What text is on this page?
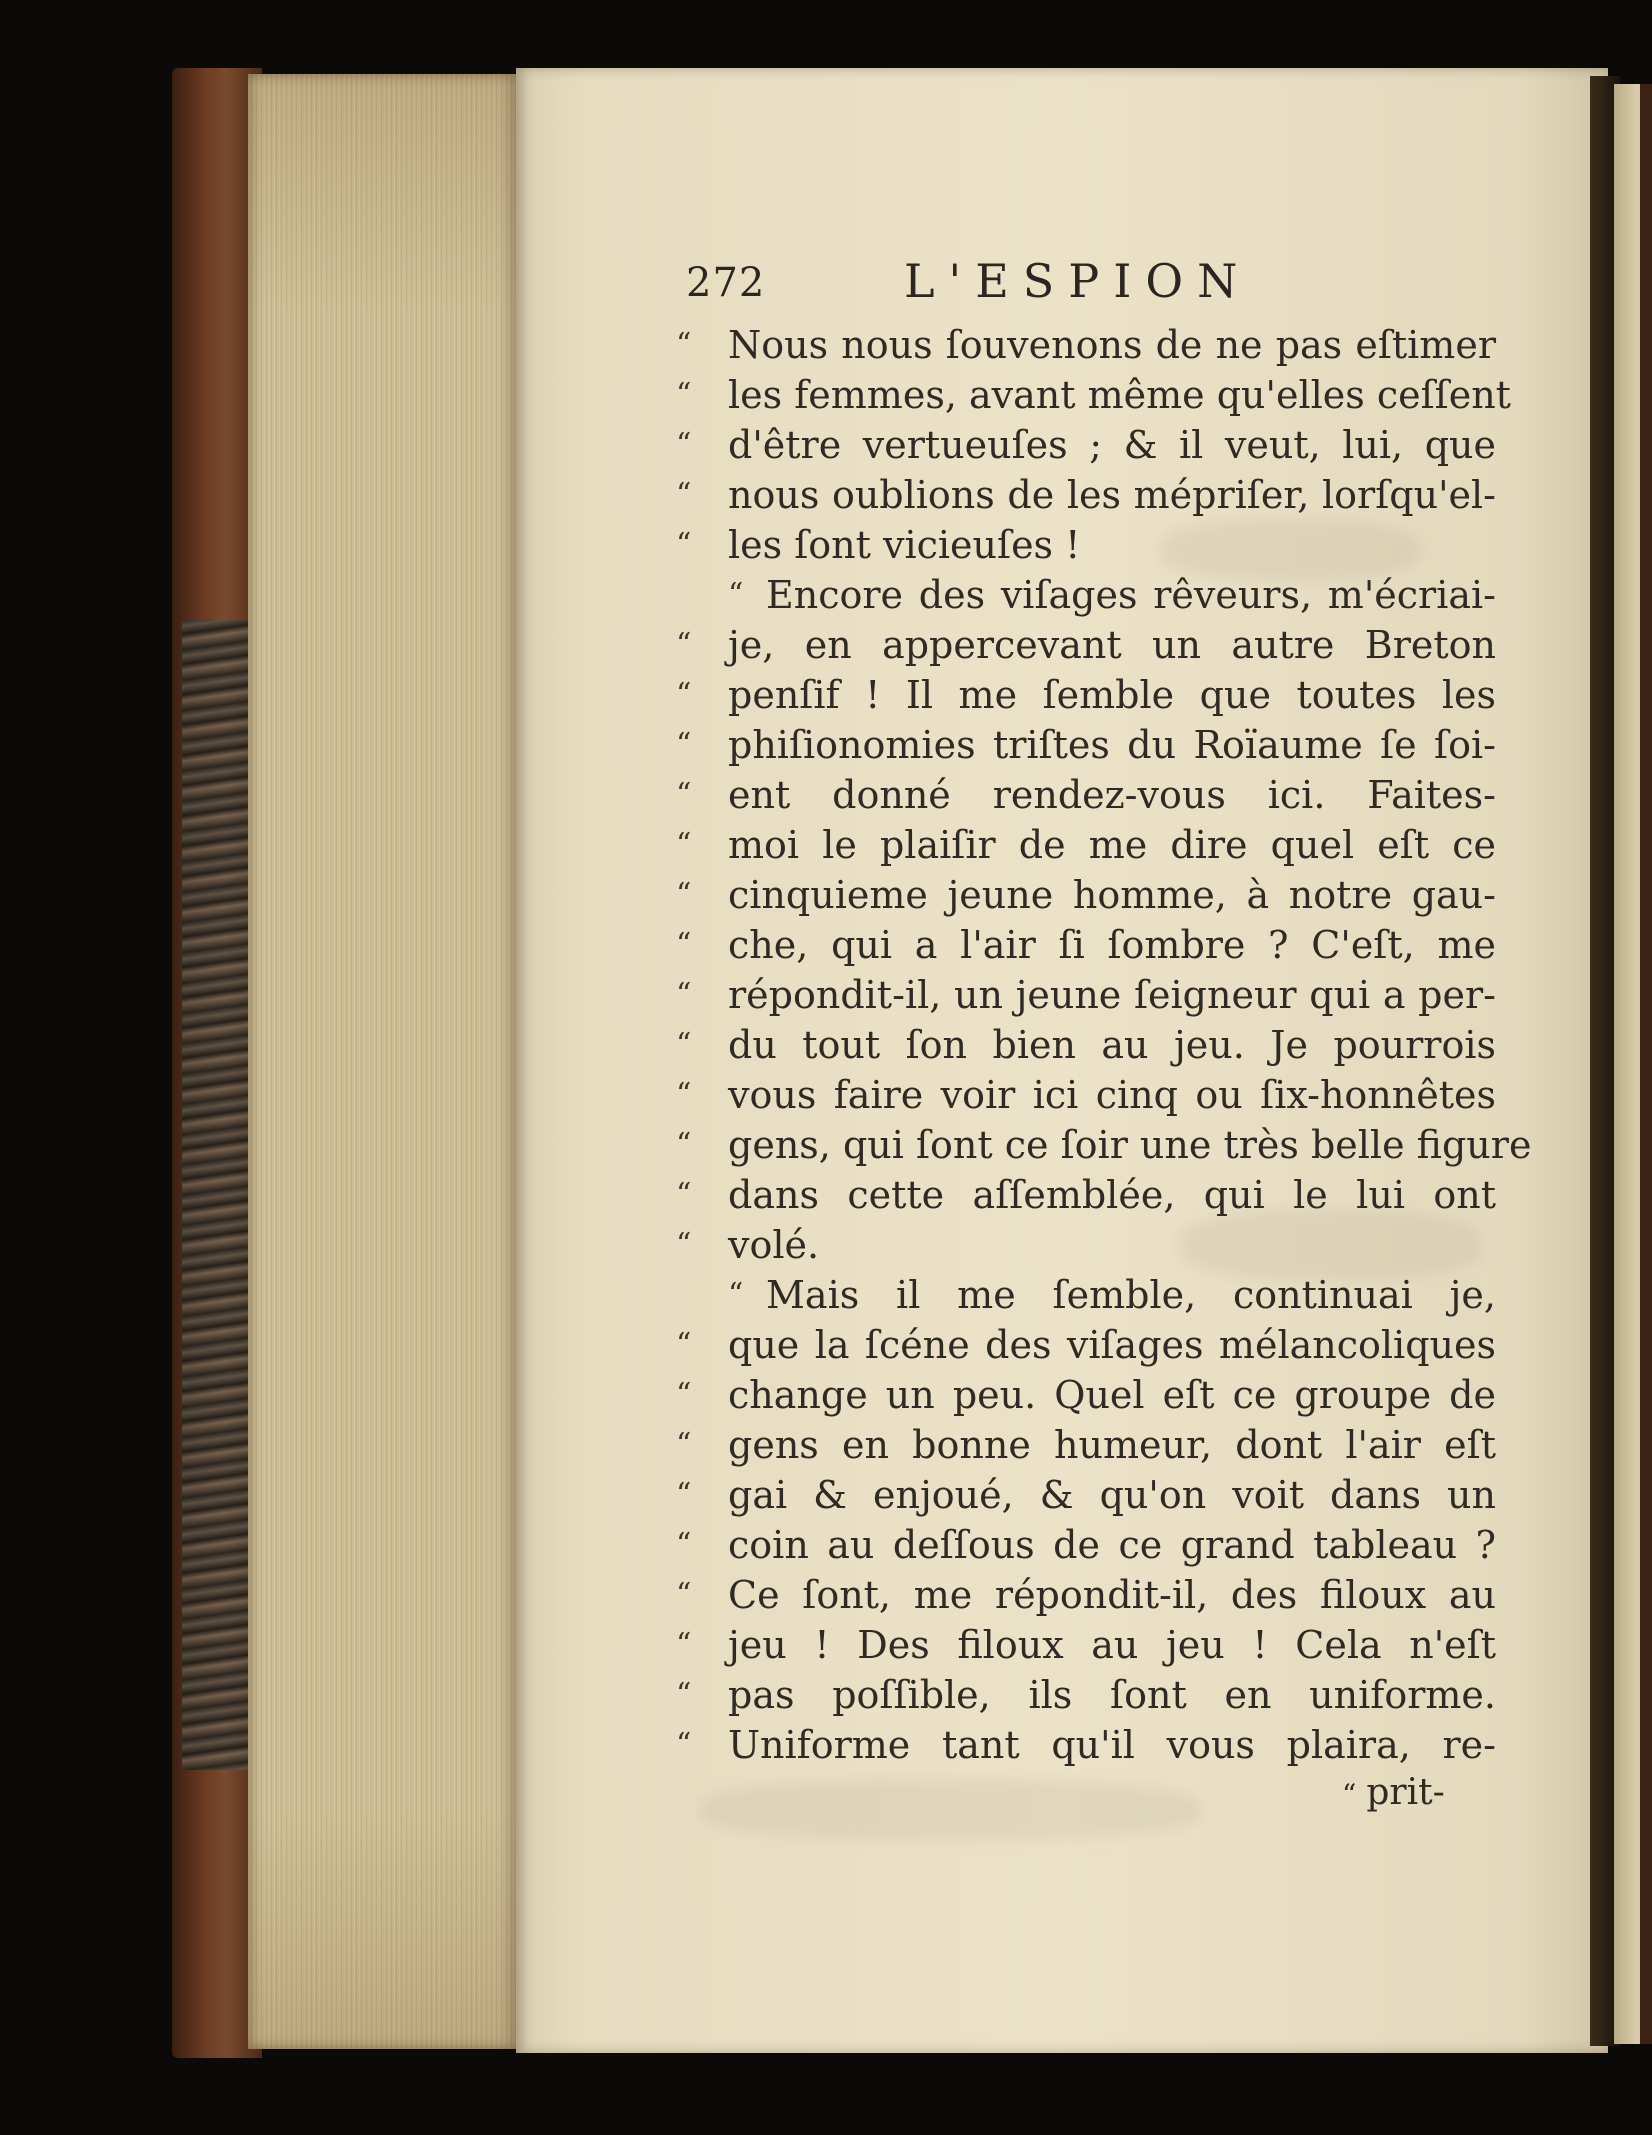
272	L'ESPION
“ Nous nous ſouvenons de ne pas eſtimer
“ les femmes, avant même qu'elles ceſſent
“ d'être vertueuſes ; & il veut, lui, que
“ nous oublions de les mépriſer, lorſqu'el-
“ les ſont vicieuſes !
“ Encore des viſages rêveurs, m'écriai-
“ je, en appercevant un autre Breton
“ penſif ! Il me ſemble que toutes les
“ phiſionomies triſtes du Roïaume ſe ſoi-
“ ent donné rendez-vous ici. Faites-
“ moi le plaiſir de me dire quel eſt ce
“ cinquieme jeune homme, à notre gau-
“ che, qui a l'air ſi ſombre ? C'eſt, me
“ répondit-il, un jeune ſeigneur qui a per-
“ du tout ſon bien au jeu. Je pourrois
“ vous faire voir ici cinq ou ſix-honnêtes
“ gens, qui ſont ce ſoir une très belle figure
“ dans cette aſſemblée, qui le lui ont
“ volé.
“ Mais il me ſemble, continuai je,
“ que la ſcéne des viſages mélancoliques
“ change un peu. Quel eſt ce groupe de
“ gens en bonne humeur, dont l'air eſt
“ gai & enjoué, & qu'on voit dans un
“ coin au deſſous de ce grand tableau ?
“ Ce ſont, me répondit-il, des filoux au
“ jeu ! Des filoux au jeu ! Cela n'eſt
“ pas poſſible, ils ſont en uniforme.
“ Uniforme tant qu'il vous plaira, re-
“ prit-
